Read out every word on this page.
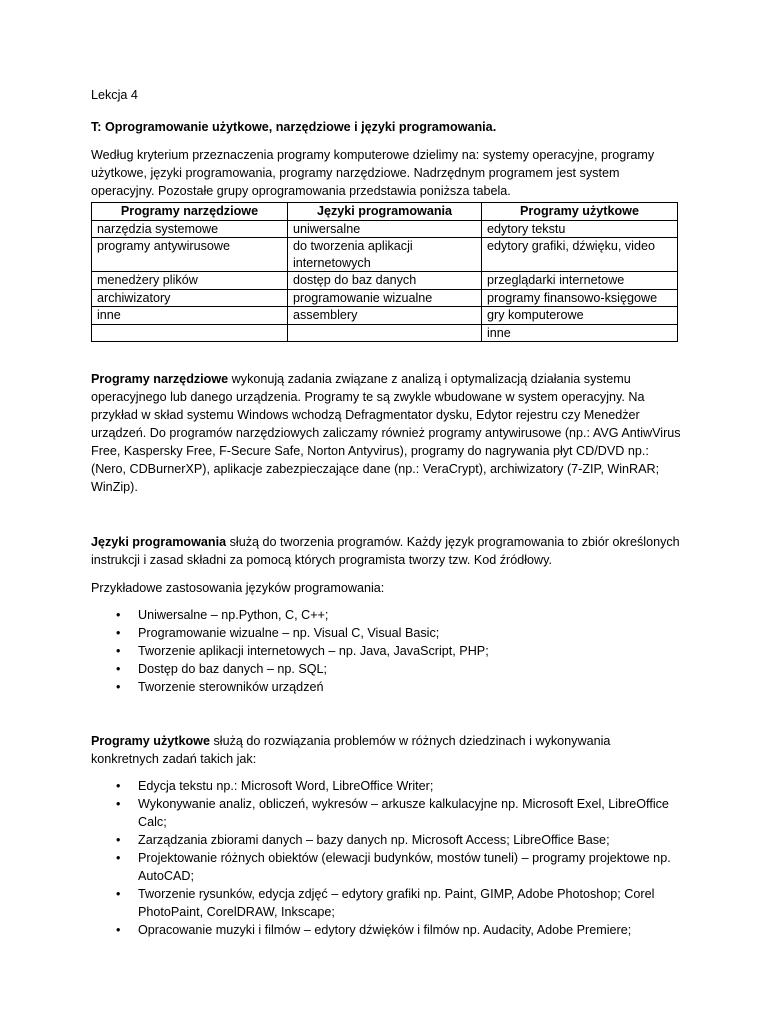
Lekcja 4

T: Oprogramowanie użytkowe, narzędziowe i języki programowania.

Według kryterium przeznaczenia programy komputerowe dzielimy na: systemy operacyjne, programy użytkowe, języki programowania, programy narzędziowe. Nadrzędnym programem jest system operacyjny. Pozostałe grupy oprogramowania przedstawia poniższa tabela.

Programy narzędziowe	Języki programowania	Programy użytkowe
narzędzia systemowe	uniwersalne	edytory tekstu
programy antywirusowe	do tworzenia aplikacji internetowych	edytory grafiki, dźwięku, video
menedżery plików	dostęp do baz danych	przeglądarki internetowe
archiwizatory	programowanie wizualne	programy finansowo-księgowe
inne	assemblery	gry komputerowe
		inne

Programy narzędziowe wykonują zadania związane z analizą i optymalizacją działania systemu operacyjnego lub danego urządzenia. Programy te są zwykle wbudowane w system operacyjny. Na przykład w skład systemu Windows wchodzą Defragmentator dysku, Edytor rejestru czy Menedżer urządzeń. Do programów narzędziowych zaliczamy również programy antywirusowe (np.: AVG AntiwVirus Free, Kaspersky Free, F-Secure Safe, Norton Antyvirus), programy do nagrywania płyt CD/DVD np.:(Nero, CDBurnerXP), aplikacje zabezpieczające dane (np.: VeraCrypt), archiwizatory (7-ZIP, WinRAR; WinZip).

Języki programowania służą do tworzenia programów. Każdy język programowania to zbiór określonych instrukcji i zasad składni za pomocą których programista tworzy tzw. Kod źródłowy.

Przykładowe zastosowania języków programowania:

• Uniwersalne – np.Python, C, C++;
• Programowanie wizualne – np. Visual C, Visual Basic;
• Tworzenie aplikacji internetowych – np. Java, JavaScript, PHP;
• Dostęp do baz danych – np. SQL;
• Tworzenie sterowników urządzeń

Programy użytkowe służą do rozwiązania problemów w różnych dziedzinach i wykonywania konkretnych zadań takich jak:

• Edycja tekstu np.: Microsoft Word, LibreOffice Writer;
• Wykonywanie analiz, obliczeń, wykresów – arkusze kalkulacyjne np. Microsoft Exel, LibreOffice Calc;
• Zarządzania zbiorami danych – bazy danych np. Microsoft Access; LibreOffice Base;
• Projektowanie różnych obiektów (elewacji budynków, mostów tuneli) – programy projektowe np. AutoCAD;
• Tworzenie rysunków, edycja zdjęć – edytory grafiki np. Paint, GIMP, Adobe Photoshop; Corel PhotoPaint, CorelDRAW, Inkscape;
• Opracowanie muzyki i filmów – edytory dźwięków i filmów np. Audacity, Adobe Premiere;
